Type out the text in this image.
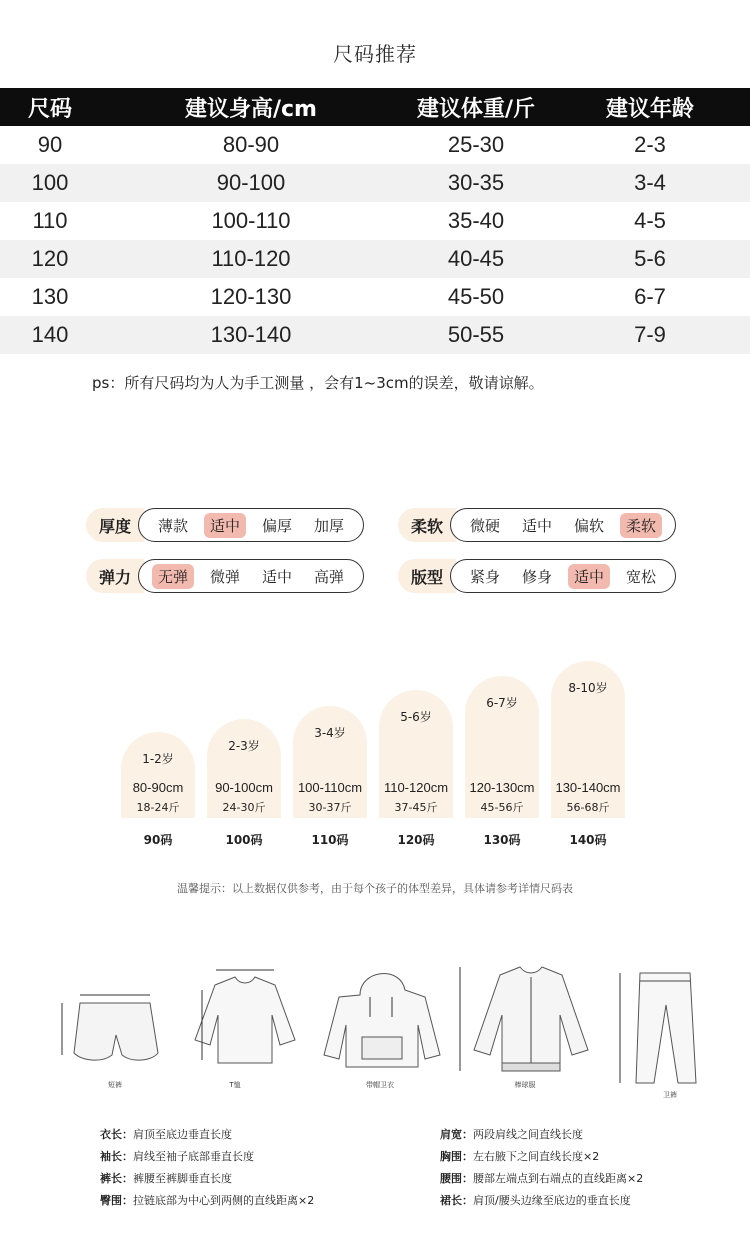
尺码推荐
尺码	建议身高/cm	建议体重/斤	建议年龄
90	80-90	25-30	2-3
100	90-100	30-35	3-4
110	100-110	35-40	4-5
120	110-120	40-45	5-6
130	120-130	45-50	6-7
140	130-140	50-55	7-9
ps：所有尺码均为人为手工测量 ，会有1~3cm的误差，敬请谅解。
厚度	薄款	适中	偏厚	加厚	柔软	微硬	适中	偏软	柔软
弹力	无弹	微弹	适中	高弹	版型	紧身	修身	适中	宽松
1-2岁
2-3岁
3-4岁
5-6岁
6-7岁
8-10岁
80-90cm
18-24斤
90码
90-100cm
24-30斤
100码
100-110cm
30-37斤
110码
110-120cm
37-45斤
120码
120-130cm
45-56斤
130码
130-140cm
56-68斤
140码
温馨提示：以上数据仅供参考，由于每个孩子的体型差异，具体请参考详情尺码表
短裤	T恤	带帽卫衣	棒球服
卫裤
衣长：肩顶至底边垂直长度
袖长：肩线至袖子底部垂直长度
裤长：裤腰至裤脚垂直长度
臀围：拉链底部为中心到两侧的直线距离×2
肩宽：两段肩线之间直线长度
胸围：左右腋下之间直线长度×2
腰围：腰部左端点到右端点的直线距离×2
裙长：肩顶/腰头边缘至底边的垂直长度
